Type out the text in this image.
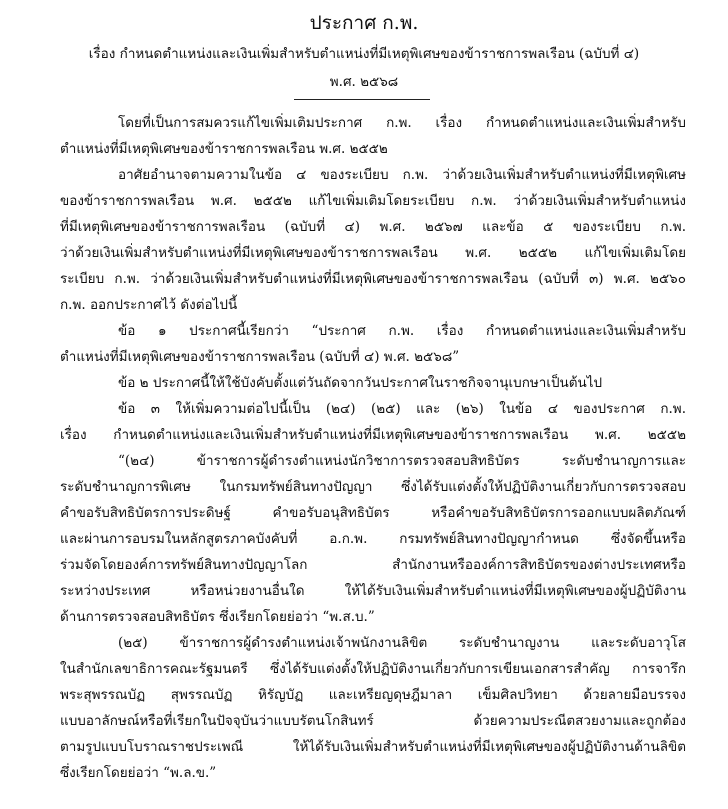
ประกาศ ก.พ.
เรื่อง กำหนดตำแหน่งและเงินเพิ่มสำหรับตำแหน่งที่มีเหตุพิเศษของข้าราชการพลเรือน (ฉบับที่ ๔)
พ.ศ. ๒๕๖๘
โดยที่เป็นการสมควรแก้ไขเพิ่มเติมประกาศ ก.พ. เรื่อง กำหนดตำแหน่งและเงินเพิ่มสำหรับ
ตำแหน่งที่มีเหตุพิเศษของข้าราชการพลเรือน พ.ศ. ๒๕๕๒
อาศัยอำนาจตามความในข้อ ๔ ของระเบียบ ก.พ. ว่าด้วยเงินเพิ่มสำหรับตำแหน่งที่มีเหตุพิเศษ
ของข้าราชการพลเรือน พ.ศ. ๒๕๕๒ แก้ไขเพิ่มเติมโดยระเบียบ ก.พ. ว่าด้วยเงินเพิ่มสำหรับตำแหน่ง
ที่มีเหตุพิเศษของข้าราชการพลเรือน (ฉบับที่ ๔) พ.ศ. ๒๕๖๗ และข้อ ๕ ของระเบียบ ก.พ.
ว่าด้วยเงินเพิ่มสำหรับตำแหน่งที่มีเหตุพิเศษของข้าราชการพลเรือน พ.ศ. ๒๕๕๒ แก้ไขเพิ่มเติมโดย
ระเบียบ ก.พ. ว่าด้วยเงินเพิ่มสำหรับตำแหน่งที่มีเหตุพิเศษของข้าราชการพลเรือน (ฉบับที่ ๓) พ.ศ. ๒๕๖๐
ก.พ. ออกประกาศไว้ ดังต่อไปนี้
ข้อ ๑ ประกาศนี้เรียกว่า “ประกาศ ก.พ. เรื่อง กำหนดตำแหน่งและเงินเพิ่มสำหรับ
ตำแหน่งที่มีเหตุพิเศษของข้าราชการพลเรือน (ฉบับที่ ๔) พ.ศ. ๒๕๖๘”
ข้อ ๒ ประกาศนี้ให้ใช้บังคับตั้งแต่วันถัดจากวันประกาศในราชกิจจานุเบกษาเป็นต้นไป
ข้อ ๓ ให้เพิ่มความต่อไปนี้เป็น (๒๔) (๒๕) และ (๒๖) ในข้อ ๔ ของประกาศ ก.พ.
เรื่อง กำหนดตำแหน่งและเงินเพิ่มสำหรับตำแหน่งที่มีเหตุพิเศษของข้าราชการพลเรือน พ.ศ. ๒๕๕๒
“(๒๔) ข้าราชการผู้ดำรงตำแหน่งนักวิชาการตรวจสอบสิทธิบัตร ระดับชำนาญการและ
ระดับชำนาญการพิเศษ ในกรมทรัพย์สินทางปัญญา ซึ่งได้รับแต่งตั้งให้ปฏิบัติงานเกี่ยวกับการตรวจสอบ
คำขอรับสิทธิบัตรการประดิษฐ์ คำขอรับอนุสิทธิบัตร หรือคำขอรับสิทธิบัตรการออกแบบผลิตภัณฑ์
และผ่านการอบรมในหลักสูตรภาคบังคับที่ อ.ก.พ. กรมทรัพย์สินทางปัญญากำหนด ซึ่งจัดขึ้นหรือ
ร่วมจัดโดยองค์การทรัพย์สินทางปัญญาโลก สำนักงานหรือองค์การสิทธิบัตรของต่างประเทศหรือ
ระหว่างประเทศ หรือหน่วยงานอื่นใด ให้ได้รับเงินเพิ่มสำหรับตำแหน่งที่มีเหตุพิเศษของผู้ปฏิบัติงาน
ด้านการตรวจสอบสิทธิบัตร ซึ่งเรียกโดยย่อว่า “พ.ส.บ.”
(๒๕) ข้าราชการผู้ดำรงตำแหน่งเจ้าพนักงานลิขิต ระดับชำนาญงาน และระดับอาวุโส
ในสำนักเลขาธิการคณะรัฐมนตรี ซึ่งได้รับแต่งตั้งให้ปฏิบัติงานเกี่ยวกับการเขียนเอกสารสำคัญ การจารึก
พระสุพรรณบัฏ สุพรรณบัฏ หิรัญบัฏ และเหรียญดุษฎีมาลา เข็มศิลปวิทยา ด้วยลายมือบรรจง
แบบอาลักษณ์หรือที่เรียกในปัจจุบันว่าแบบรัตนโกสินทร์ ด้วยความประณีตสวยงามและถูกต้อง
ตามรูปแบบโบราณราชประเพณี ให้ได้รับเงินเพิ่มสำหรับตำแหน่งที่มีเหตุพิเศษของผู้ปฏิบัติงานด้านลิขิต
ซึ่งเรียกโดยย่อว่า “พ.ล.ข.”
